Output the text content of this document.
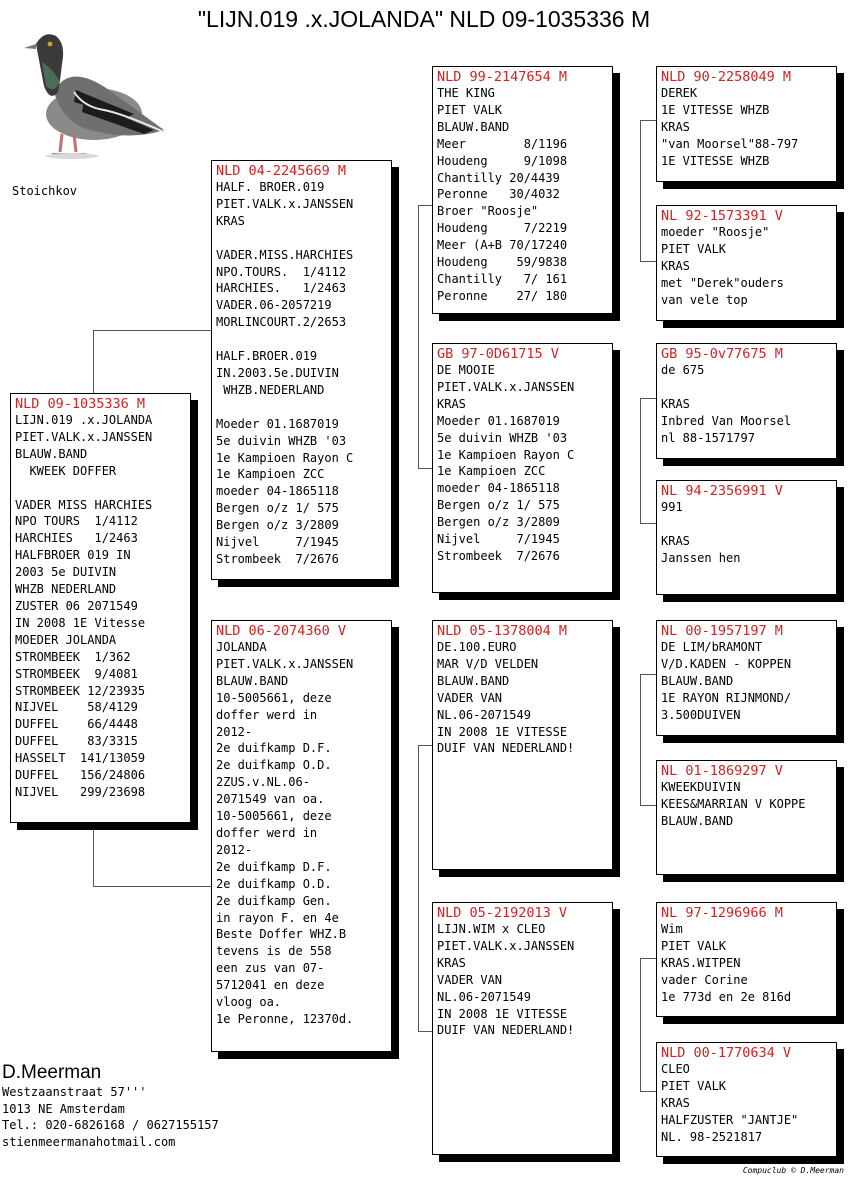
"LIJN.019 .x.JOLANDA" NLD 09-1035336 M
Stoichkov
NLD 09-1035336 M
LIJN.019 .x.JOLANDA
PIET.VALK.x.JANSSEN
BLAUW.BAND
KWEEK DOFFER

VADER MISS HARCHIES
NPO TOURS  1/4112
HARCHIES   1/2463
HALFBROER 019 IN
2003 5e DUIVIN
WHZB NEDERLAND
ZUSTER 06 2071549
IN 2008 1E Vitesse
MOEDER JOLANDA
STROMBEEK  1/362
STROMBEEK  9/4081
STROMBEEK 12/23935
NIJVEL    58/4129
DUFFEL    66/4448
DUFFEL    83/3315
HASSELT  141/13059
DUFFEL   156/24806
NIJVEL   299/23698
NLD 04-2245669 M
HALF. BROER.019
PIET.VALK.x.JANSSEN
KRAS

VADER.MISS.HARCHIES
NPO.TOURS.  1/4112
HARCHIES.   1/2463
VADER.06-2057219
MORLINCOURT.2/2653

HALF.BROER.019
IN.2003.5e.DUIVIN
WHZB.NEDERLAND

Moeder 01.1687019
5e duivin WHZB '03
1e Kampioen Rayon C
1e Kampioen ZCC
moeder 04-1865118
Bergen o/z 1/ 575
Bergen o/z 3/2809
Nijvel     7/1945
Strombeek  7/2676
NLD 06-2074360 V
JOLANDA
PIET.VALK.x.JANSSEN
BLAUW.BAND
10-5005661, deze
doffer werd in
2012-
2e duifkamp D.F.
2e duifkamp O.D.
2ZUS.v.NL.06-
2071549 van oa.
10-5005661, deze
doffer werd in
2012-
2e duifkamp D.F.
2e duifkamp O.D.
2e duifkamp Gen.
in rayon F. en 4e
Beste Doffer WHZ.B
tevens is de 558
een zus van 07-
5712041 en deze
vloog oa.
1e Peronne, 12370d.
NLD 99-2147654 M
THE KING
PIET VALK
BLAUW.BAND
Meer        8/1196
Houdeng     9/1098
Chantilly 20/4439
Peronne   30/4032
Broer "Roosje"
Houdeng     7/2219
Meer (A+B 70/17240
Houdeng    59/9838
Chantilly   7/ 161
Peronne    27/ 180
GB 97-0D61715 V
DE MOOIE
PIET.VALK.x.JANSSEN
KRAS
Moeder 01.1687019
5e duivin WHZB '03
1e Kampioen Rayon C
1e Kampioen ZCC
moeder 04-1865118
Bergen o/z 1/ 575
Bergen o/z 3/2809
Nijvel     7/1945
Strombeek  7/2676
NLD 05-1378004 M
DE.100.EURO
MAR V/D VELDEN
BLAUW.BAND
VADER VAN
NL.06-2071549
IN 2008 1E VITESSE
DUIF VAN NEDERLAND!
NLD 05-2192013 V
LIJN.WIM x CLEO
PIET.VALK.x.JANSSEN
KRAS
VADER VAN
NL.06-2071549
IN 2008 1E VITESSE
DUIF VAN NEDERLAND!
NLD 90-2258049 M
DEREK
1E VITESSE WHZB
KRAS
"van Moorsel"88-797
1E VITESSE WHZB
NL 92-1573391 V
moeder "Roosje"
PIET VALK
KRAS
met "Derek"ouders
van vele top
GB 95-0v77675 M
de 675

KRAS
Inbred Van Moorsel
nl 88-1571797
NL 94-2356991 V
991

KRAS
Janssen hen
NL 00-1957197 M
DE LIM/bRAMONT
V/D.KADEN - KOPPEN
BLAUW.BAND
1E RAYON RIJNMOND/
3.500DUIVEN
NL 01-1869297 V
KWEEKDUIVIN
KEES&MARRIAN V KOPPE
BLAUW.BAND
NL 97-1296966 M
Wim
PIET VALK
KRAS.WITPEN
vader Corine
1e 773d en 2e 816d
NLD 00-1770634 V
CLEO
PIET VALK
KRAS
HALFZUSTER "JANTJE"
NL. 98-2521817
D.Meerman
Westzaanstraat 57'''
1013 NE Amsterdam
Tel.: 020-6826168 / 0627155157
stienmeermanahotmail.com
Compuclub © D.Meerman
